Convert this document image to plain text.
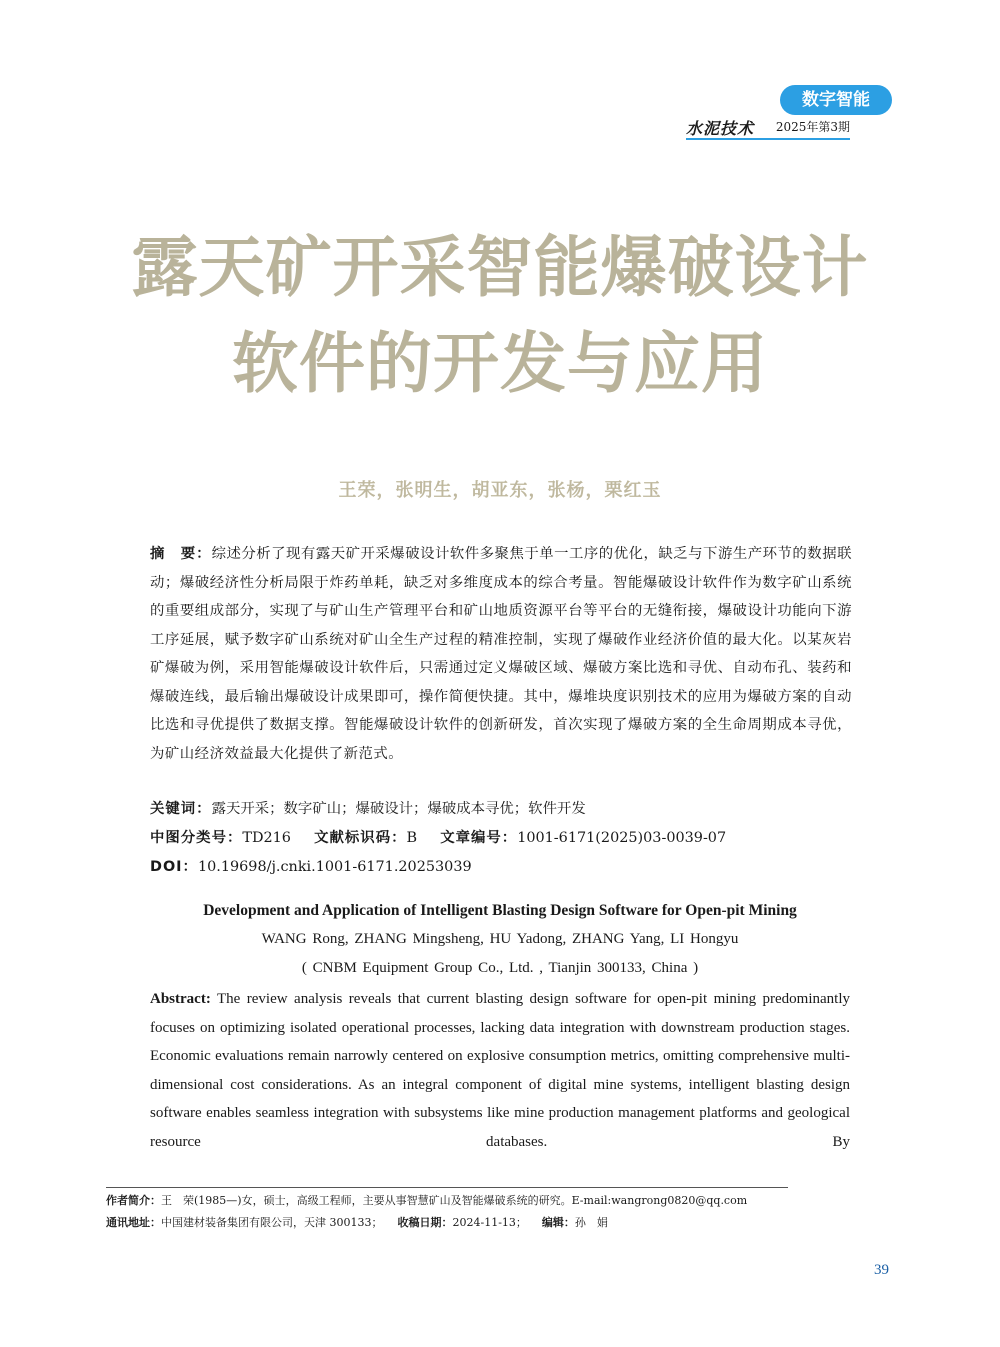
数字智能
水泥技术 2025年第3期
露天矿开采智能爆破设计
软件的开发与应用
王荣，张明生，胡亚东，张杨，栗红玉
摘　要：综述分析了现有露天矿开采爆破设计软件多聚焦于单一工序的优化，缺乏与下游生产环节的数据联动；爆破经济性分析局限于炸药单耗，缺乏对多维度成本的综合考量。智能爆破设计软件作为数字矿山系统的重要组成部分，实现了与矿山生产管理平台和矿山地质资源平台等平台的无缝衔接，爆破设计功能向下游工序延展，赋予数字矿山系统对矿山全生产过程的精准控制，实现了爆破作业经济价值的最大化。以某灰岩矿爆破为例，采用智能爆破设计软件后，只需通过定义爆破区域、爆破方案比选和寻优、自动布孔、装药和爆破连线，最后输出爆破设计成果即可，操作简便快捷。其中，爆堆块度识别技术的应用为爆破方案的自动比选和寻优提供了数据支撑。智能爆破设计软件的创新研发，首次实现了爆破方案的全生命周期成本寻优，为矿山经济效益最大化提供了新范式。
关键词：露天开采；数字矿山；爆破设计；爆破成本寻优；软件开发
中图分类号：TD216 文献标识码：B 文章编号：1001-6171(2025)03-0039-07
DOI：10.19698/j.cnki.1001-6171.20253039
Development and Application of Intelligent Blasting Design Software for Open-pit Mining
WANG Rong, ZHANG Mingsheng, HU Yadong, ZHANG Yang, LI Hongyu
( CNBM Equipment Group Co., Ltd. , Tianjin 300133, China )
Abstract: The review analysis reveals that current blasting design software for open-pit mining predominantly focuses on optimizing isolated operational processes, lacking data integration with downstream production stages. Economic evaluations remain narrowly centered on explosive consumption metrics, omitting comprehensive multi-dimensional cost considerations. As an integral component of digital mine systems, intelligent blasting design software enables seamless integration with subsystems like mine production management platforms and geological resource databases. By
作者简介：王　荣(1985—)女，硕士，高级工程师，主要从事智慧矿山及智能爆破系统的研究。E-mail:wangrong0820@qq.com
通讯地址：中国建材装备集团有限公司，天津 300133； 收稿日期：2024-11-13； 编辑：孙　娟
39
